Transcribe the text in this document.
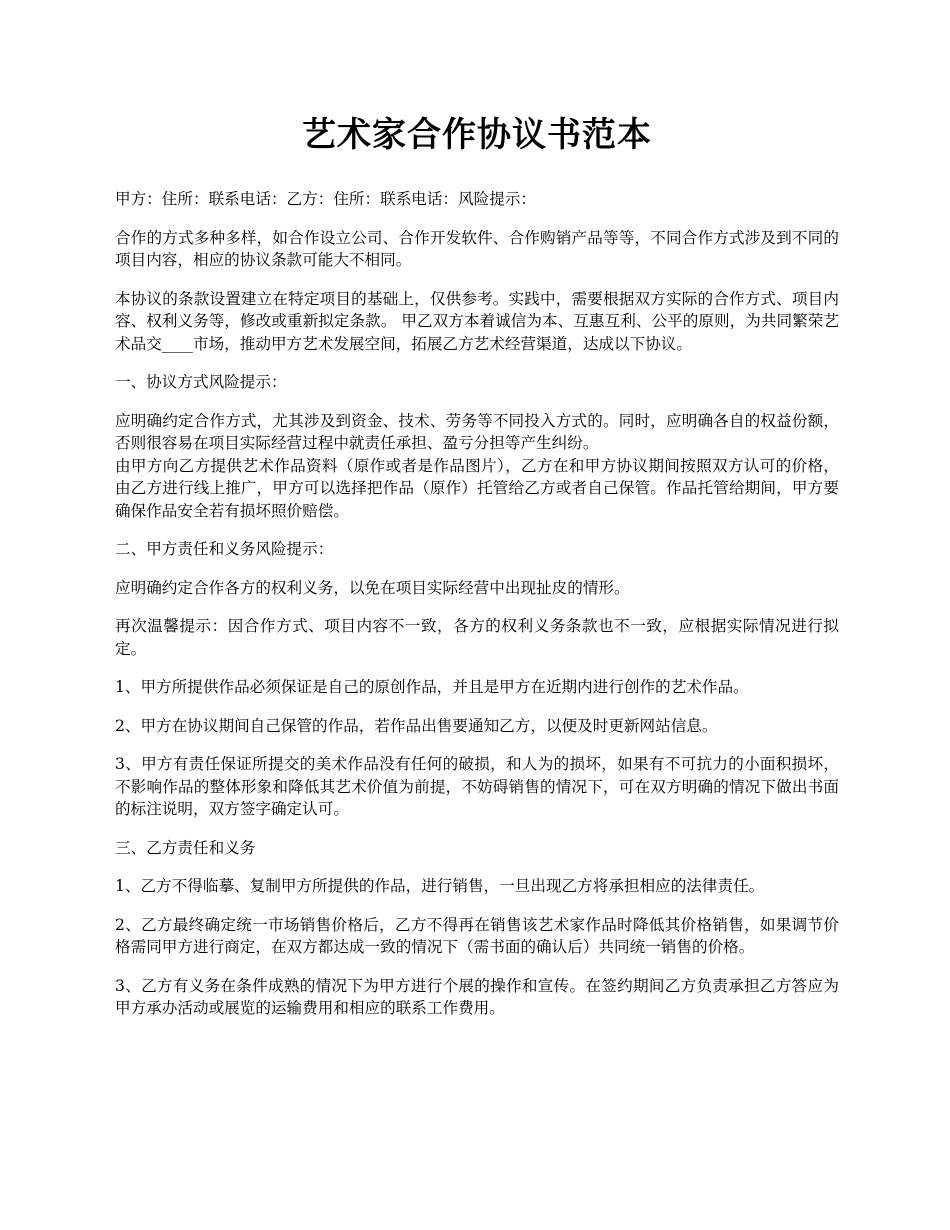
艺术家合作协议书范本

甲方：住所：联系电话：乙方：住所：联系电话：风险提示：

合作的方式多种多样，如合作设立公司、合作开发软件、合作购销产品等等，不同合作方式涉及到不同的项目内容，相应的协议条款可能大不相同。

本协议的条款设置建立在特定项目的基础上，仅供参考。实践中，需要根据双方实际的合作方式、项目内容、权利义务等，修改或重新拟定条款。 甲乙双方本着诚信为本、互惠互利、公平的原则，为共同繁荣艺术品交____市场，推动甲方艺术发展空间，拓展乙方艺术经营渠道，达成以下协议。

一、协议方式风险提示：

应明确约定合作方式，尤其涉及到资金、技术、劳务等不同投入方式的。同时，应明确各自的权益份额，否则很容易在项目实际经营过程中就责任承担、盈亏分担等产生纠纷。

由甲方向乙方提供艺术作品资料（原作或者是作品图片），乙方在和甲方协议期间按照双方认可的价格，由乙方进行线上推广，甲方可以选择把作品（原作）托管给乙方或者自己保管。作品托管给期间，甲方要确保作品安全若有损坏照价赔偿。

二、甲方责任和义务风险提示：

应明确约定合作各方的权利义务，以免在项目实际经营中出现扯皮的情形。

再次温馨提示：因合作方式、项目内容不一致，各方的权利义务条款也不一致，应根据实际情况进行拟定。

1、甲方所提供作品必须保证是自己的原创作品，并且是甲方在近期内进行创作的艺术作品。

2、甲方在协议期间自己保管的作品，若作品出售要通知乙方，以便及时更新网站信息。

3、甲方有责任保证所提交的美术作品没有任何的破损，和人为的损坏，如果有不可抗力的小面积损坏，不影响作品的整体形象和降低其艺术价值为前提，不妨碍销售的情况下，可在双方明确的情况下做出书面的标注说明，双方签字确定认可。

三、乙方责任和义务

1、乙方不得临摹、复制甲方所提供的作品，进行销售，一旦出现乙方将承担相应的法律责任。

2、乙方最终确定统一市场销售价格后，乙方不得再在销售该艺术家作品时降低其价格销售，如果调节价格需同甲方进行商定，在双方都达成一致的情况下（需书面的确认后）共同统一销售的价格。

3、乙方有义务在条件成熟的情况下为甲方进行个展的操作和宣传。在签约期间乙方负责承担乙方答应为甲方承办活动或展览的运输费用和相应的联系工作费用。
